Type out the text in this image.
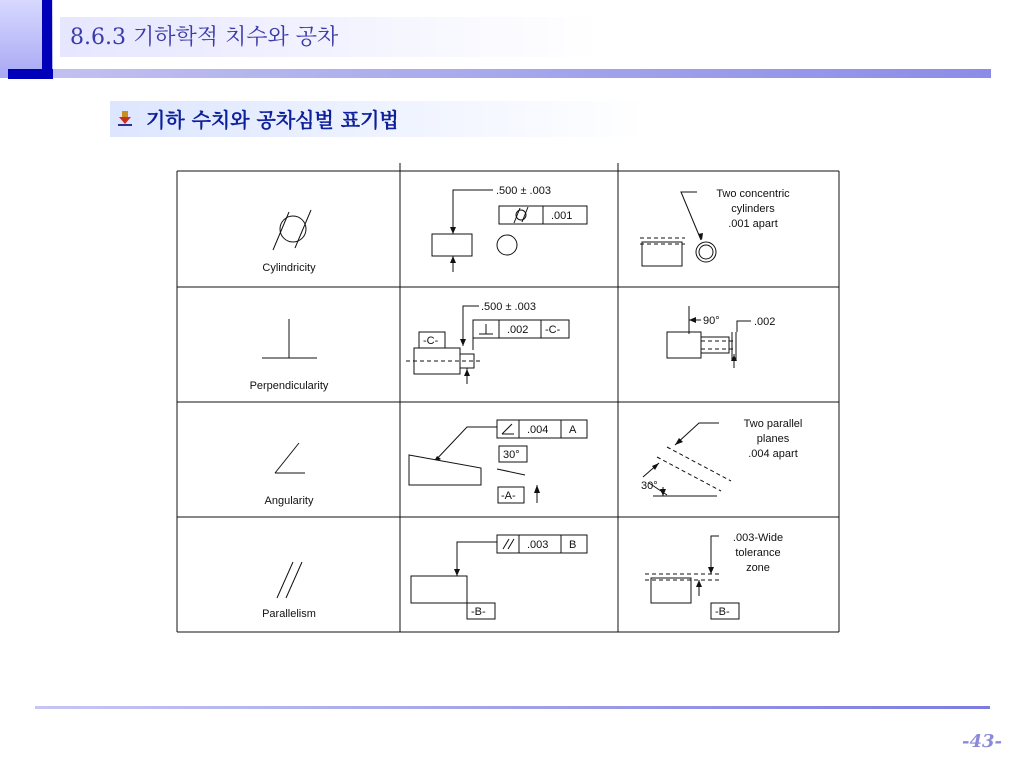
8.6.3 기하학적 치수와 공차
기하 수치와 공차심벌 표기법
Cylindricity
.500 ± .003
.001
Two concentric
cylinders
.001 apart
Perpendicularity
.500 ± .003
.002 -C-
-C-
90°	.002
Angularity
.004 A
30°
-A-
Two parallel
planes
.004 apart
30°
Parallelism
.003 B
-B-
.003-Wide
tolerance
zone
-B-
-43-
